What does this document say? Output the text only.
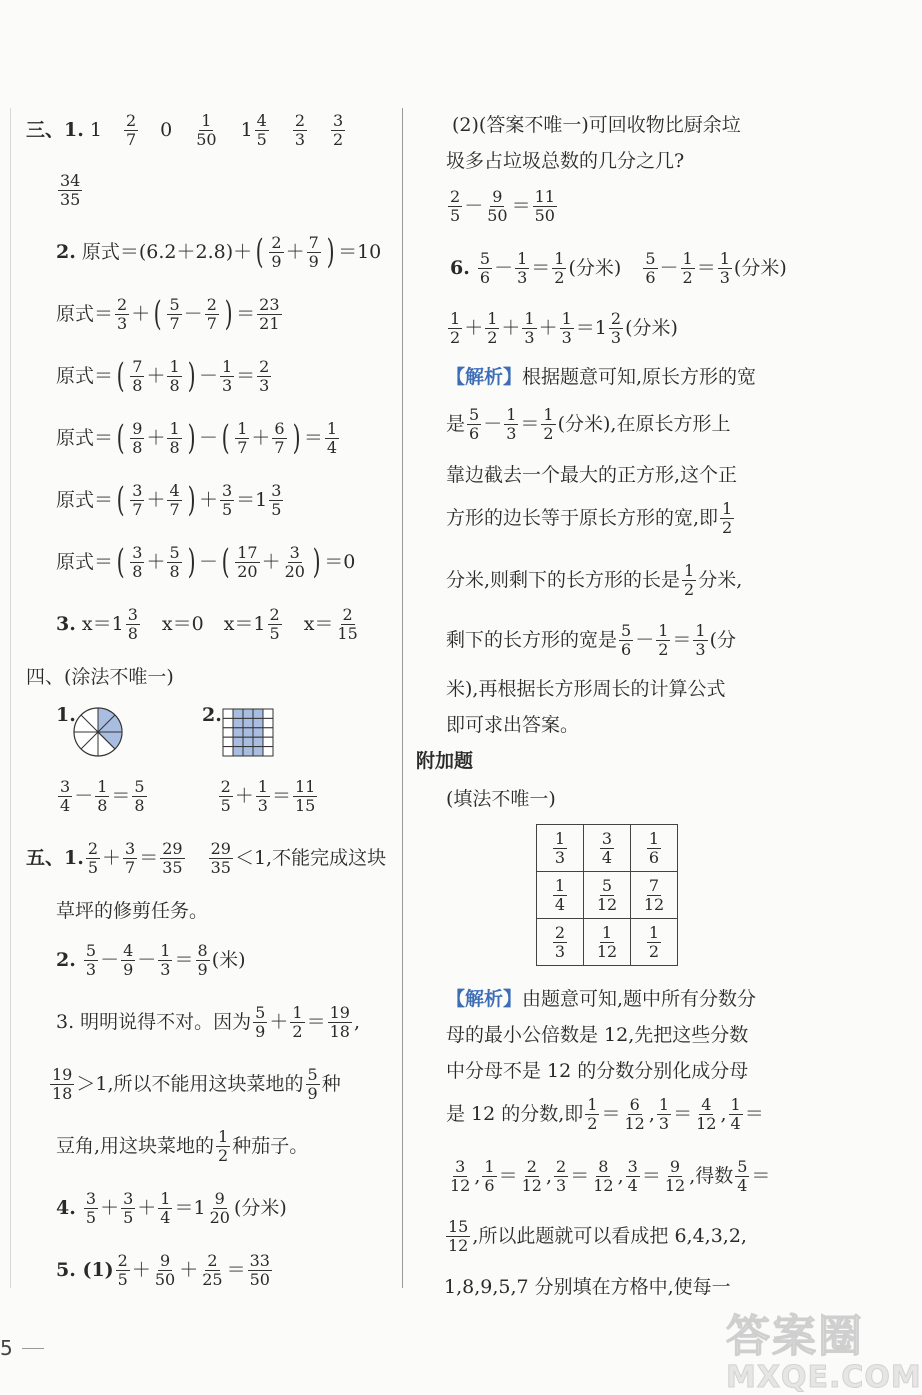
三、1. $1 \frac{2}{7} 0 \frac{1}{50} 1 \frac{4}{5} \frac{2}{3} \frac{3}{2}$
$\frac{34}{35}$
2.
原式＝(6.2＋2.8)＋ ( $\frac{2}{9} + \frac{7}{9}$ ) ＝10
原式＝ $\frac{2}{3}$ ＋ ( $\frac{5}{7} - \frac{2}{7}$ ) ＝ $\frac{23}{21}$
原式＝ ( $\frac{7}{8} + \frac{1}{8}$ ) － $\frac{1}{3} = \frac{2}{3}$
原式＝ ( $\frac{9}{8} + \frac{1}{8}$ ) － ( $\frac{1}{7} + \frac{6}{7}$ ) ＝ $\frac{1}{4}$
原式＝ ( $\frac{3}{7} + \frac{4}{7}$ ) ＋ $\frac{3}{5} =1 \frac{3}{5}$
原式＝ ( $\frac{3}{8} + \frac{5}{8}$ ) － ( $\frac{17}{20} + \frac{3}{20}$ ) ＝0
3.
$x=1 \frac{3}{8} x=0$ $x=1 \frac{2}{5} x= \frac{2}{15}$
四、(涂法不唯一)
1.	2.
$\frac{3}{4} - \frac{1}{8} = \frac{5}{8}$	$\frac{2}{5} + \frac{1}{3} = \frac{11}{15}$
五、1. $\frac{2}{5} + \frac{3}{7} = \frac{29}{35} \frac{29}{35} <1$,不能完成这块
草坪的修剪任务。
2.
$\frac{5}{3} - \frac{4}{9} - \frac{1}{3} = \frac{8}{9}$ (米)
3. 明明说得不对。因为 $\frac{5}{9} + \frac{1}{2} = \frac{19}{18}$ ,
$\frac{19}{18} >1$,所以不能用这块菜地的 $\frac{5}{9}$ 种
豆角,用这块菜地的 $\frac{1}{2}$ 种茄子。
4.
$\frac{3}{5} + \frac{3}{5} + \frac{1}{4} =1 \frac{9}{20}$ (分米)
5. $(1) \frac{2}{5} + \frac{9}{50} + \frac{2}{25} = \frac{33}{50}$
(2)(答案不唯一)可回收物比厨余垃
圾多占垃圾总数的几分之几?
$\frac{2}{5} - \frac{9}{50} = \frac{11}{50}$
6.
$\frac{5}{6} - \frac{1}{3} = \frac{1}{2}$ (分米) $\frac{5}{6} - \frac{1}{2} = \frac{1}{3}$ (分米)
$\frac{1}{2} + \frac{1}{2} + \frac{1}{3} + \frac{1}{3} =1 \frac{2}{3}$ (分米)
【解析】 根据题意可知,原长方形的宽
是 $\frac{5}{6} - \frac{1}{3} = \frac{1}{2}$ (分米),在原长方形上
靠边截去一个最大的正方形,这个正
方形的边长等于原长方形的宽,即 $\frac{1}{2}$
分米,则剩下的长方形的长是 $\frac{1}{2}$ 分米,
剩下的长方形的宽是 $\frac{5}{6} - \frac{1}{2} = \frac{1}{3}$ (分
米),再根据长方形周长的计算公式
即可求出答案。
附加题
(填法不唯一)
$\frac{1}{3}$	$\frac{3}{4}$	$\frac{1}{6}$

$\frac{1}{4}$	$\frac{5}{12}$	$\frac{7}{12}$

$\frac{2}{3}$	$\frac{1}{12}$	$\frac{1}{2}$
【解析】 由题意可知,题中所有分数分
母的最小公倍数是 12,先把这些分数
中分母不是 12 的分数分别化成分母
是 12 的分数,即 $\frac{1}{2} = \frac{6}{12}$ , $\frac{1}{3} = \frac{4}{12}$ , $\frac{1}{4}$ ＝
$\frac{3}{12}$ , $\frac{1}{6} = \frac{2}{12}$ , $\frac{2}{3} = \frac{8}{12}$ , $\frac{3}{4} = \frac{9}{12}$ ,得数 $\frac{5}{4}$ ＝
$\frac{15}{12}$ ,所以此题就可以看成把 6,4,3,2,
1,8,9,5,7 分别填在方格中,使每一
5	答案圈
MXQE.COM
